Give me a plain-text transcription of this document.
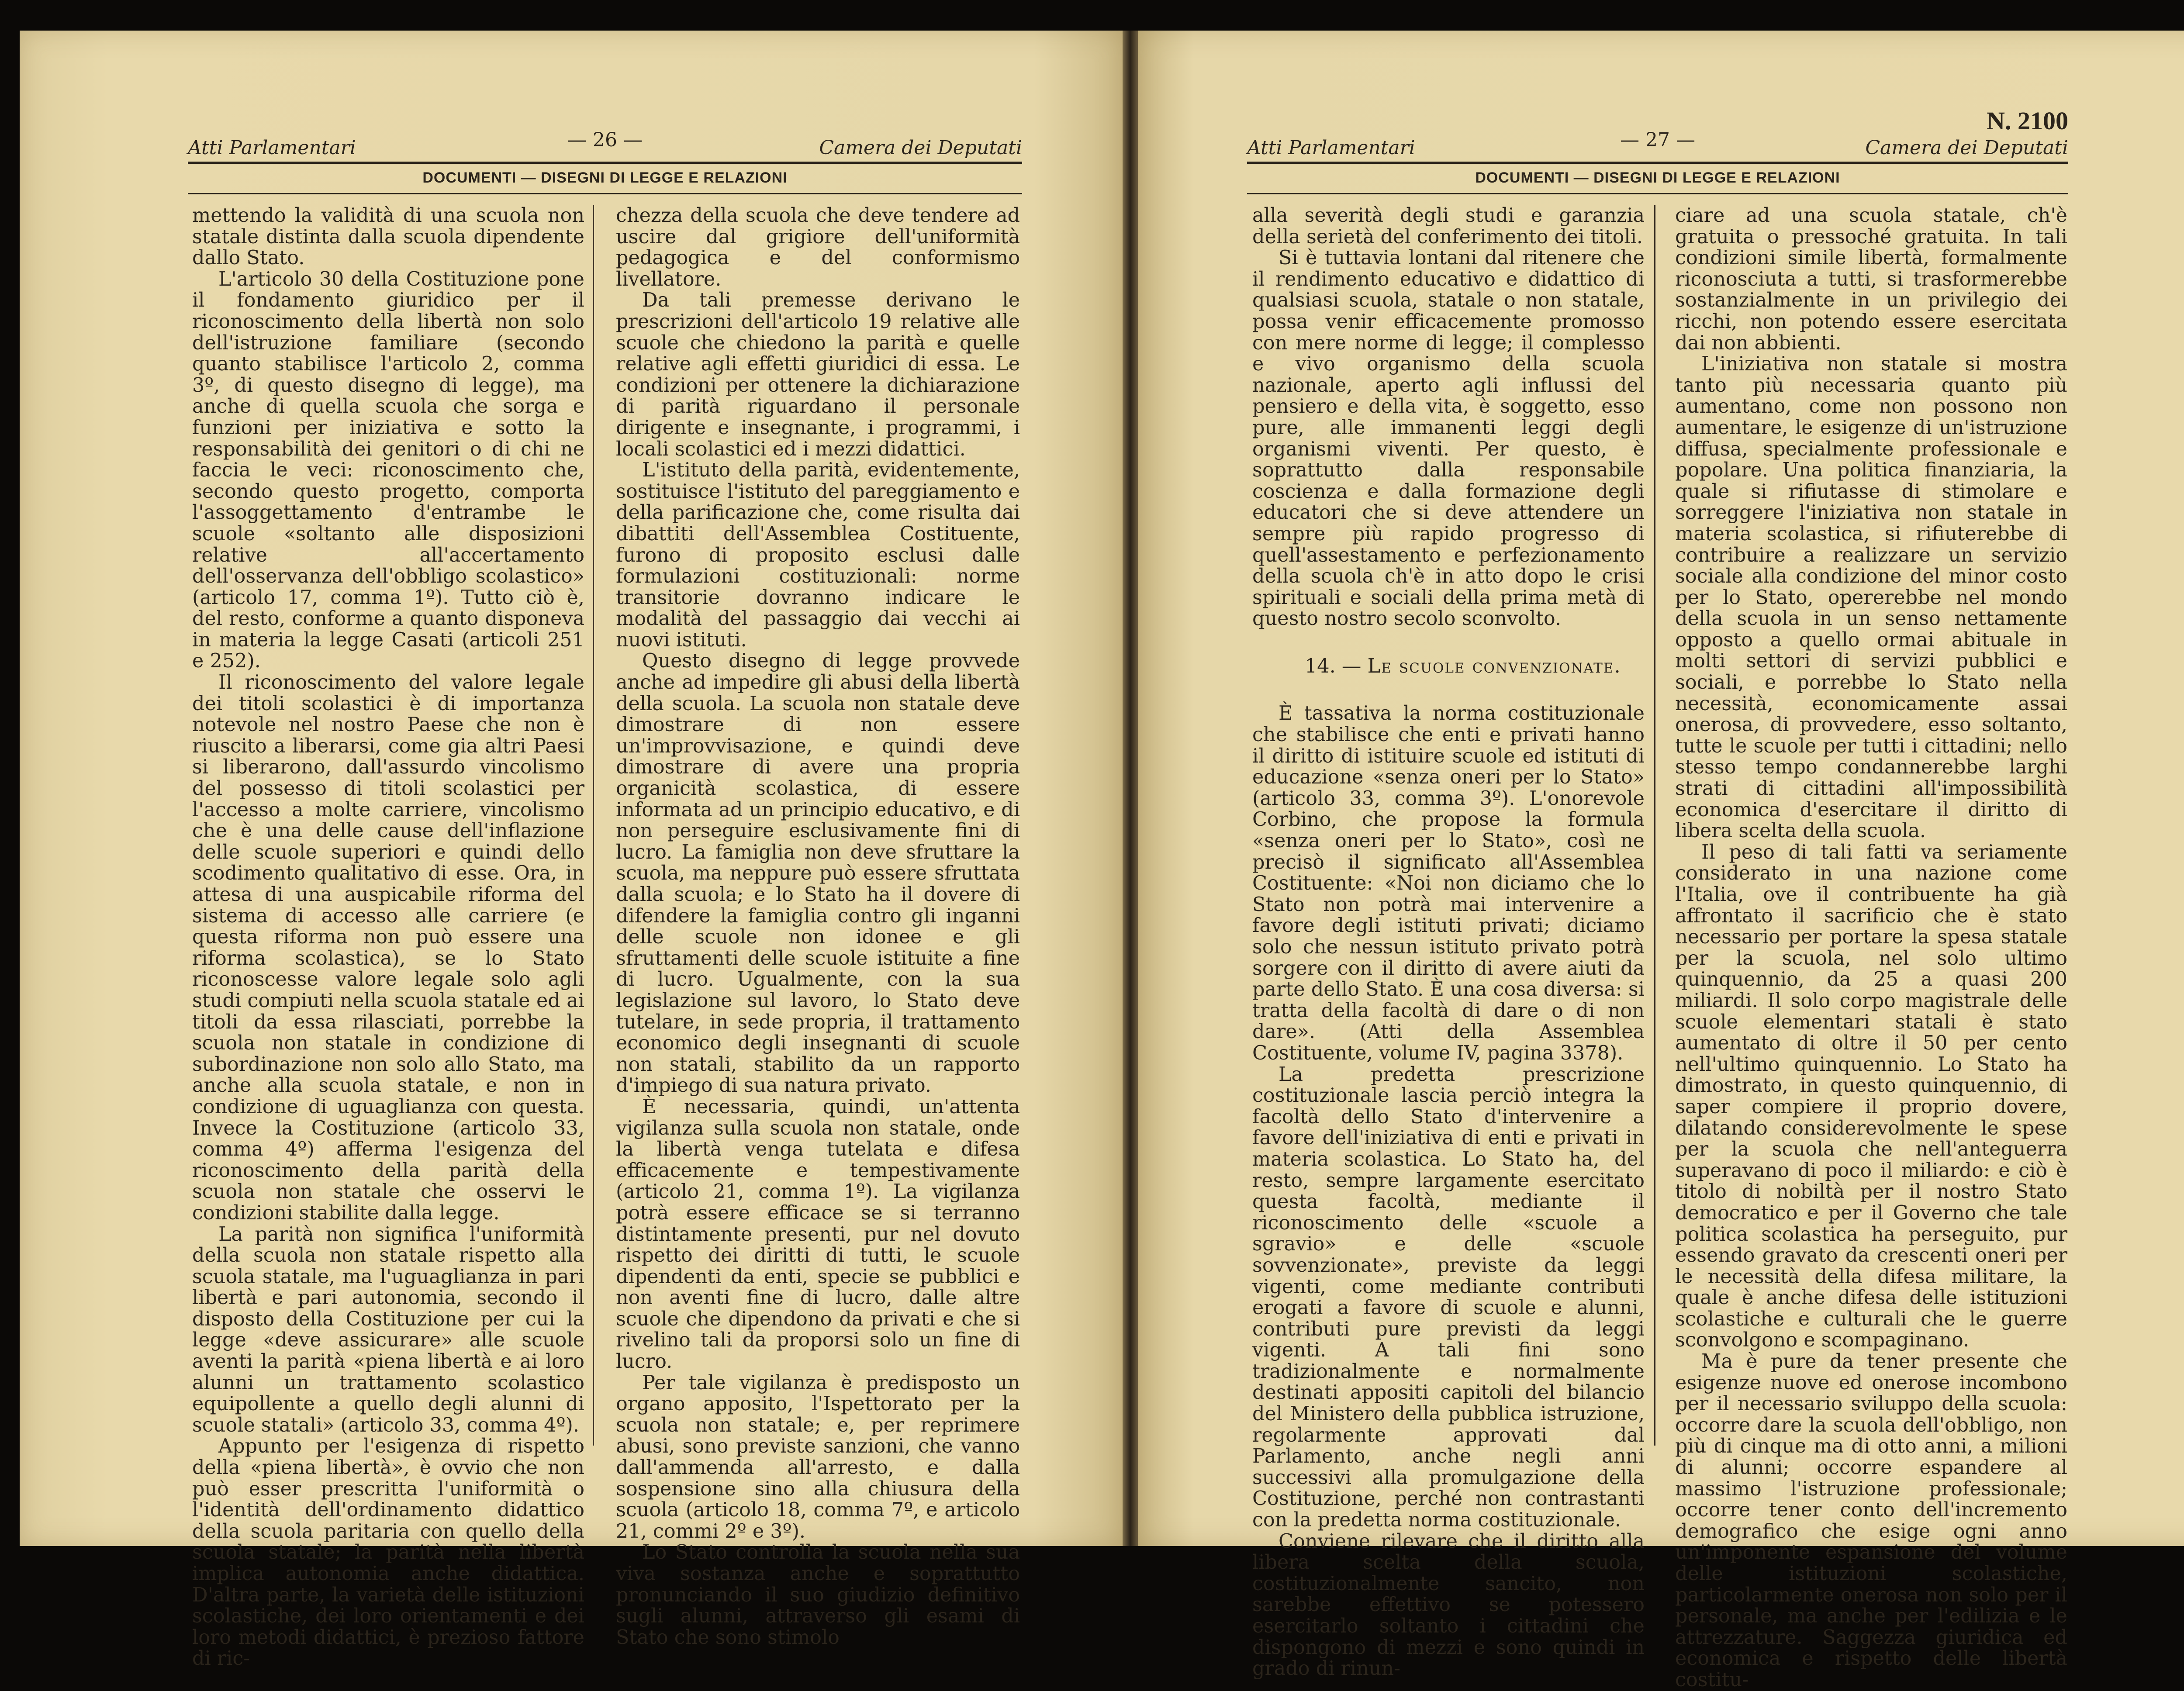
Atti Parlamentari	— 26 —	Camera dei Deputati
DOCUMENTI — DISEGNI DI LEGGE E RELAZIONI

mettendo la validità di una scuola non statale distinta dalla scuola dipendente dallo Stato.

L'articolo 30 della Costituzione pone il fondamento giuridico per il riconoscimento della libertà non solo dell'istruzione familiare (secondo quanto stabilisce l'articolo 2, comma 3º, di questo disegno di legge), ma anche di quella scuola che sorga e funzioni per iniziativa e sotto la responsabilità dei genitori o di chi ne faccia le veci: riconoscimento che, secondo questo progetto, comporta l'assoggettamento d'entrambe le scuole «soltanto alle disposizioni relative all'accertamento dell'osservanza dell'obbligo scolastico» (articolo 17, comma 1º). Tutto ciò è, del resto, conforme a quanto disponeva in materia la legge Casati (articoli 251 e 252).

Il riconoscimento del valore legale dei titoli scolastici è di importanza notevole nel nostro Paese che non è riuscito a liberarsi, come gia altri Paesi si liberarono, dall'assurdo vincolismo del possesso di titoli scolastici per l'accesso a molte carriere, vincolismo che è una delle cause dell'inflazione delle scuole superiori e quindi dello scodimento qualitativo di esse. Ora, in attesa di una auspicabile riforma del sistema di accesso alle carriere (e questa riforma non può essere una riforma scolastica), se lo Stato riconoscesse valore legale solo agli studi compiuti nella scuola statale ed ai titoli da essa rilasciati, porrebbe la scuola non statale in condizione di subordinazione non solo allo Stato, ma anche alla scuola statale, e non in condizione di uguaglianza con questa. Invece la Costituzione (articolo 33, comma 4º) afferma l'esigenza del riconoscimento della parità della scuola non statale che osservi le condizioni stabilite dalla legge.

La parità non significa l'uniformità della scuola non statale rispetto alla scuola statale, ma l'uguaglianza in pari libertà e pari autonomia, secondo il disposto della Costituzione per cui la legge «deve assicurare» alle scuole aventi la parità «piena libertà e ai loro alunni un trattamento scolastico equipollente a quello degli alunni di scuole statali» (articolo 33, comma 4º).

Appunto per l'esigenza di rispetto della «piena libertà», è ovvio che non può esser prescritta l'uniformità o l'identità dell'ordinamento didattico della scuola paritaria con quello della scuola statale; la parità nella libertà implica autonomia anche didattica. D'altra parte, la varietà delle istituzioni scolastiche, dei loro orientamenti e dei loro metodi didattici, è prezioso fattore di ric-

chezza della scuola che deve tendere ad uscire dal grigiore dell'uniformità pedagogica e del conformismo livellatore.

Da tali premesse derivano le prescrizioni dell'articolo 19 relative alle scuole che chiedono la parità e quelle relative agli effetti giuridici di essa. Le condizioni per ottenere la dichiarazione di parità riguardano il personale dirigente e insegnante, i programmi, i locali scolastici ed i mezzi didattici.

L'istituto della parità, evidentemente, sostituisce l'istituto del pareggiamento e della parificazione che, come risulta dai dibattiti dell'Assemblea Costituente, furono di proposito esclusi dalle formulazioni costituzionali: norme transitorie dovranno indicare le modalità del passaggio dai vecchi ai nuovi istituti.

Questo disegno di legge provvede anche ad impedire gli abusi della libertà della scuola. La scuola non statale deve dimostrare di non essere un'improvvisazione, e quindi deve dimostrare di avere una propria organicità scolastica, di essere informata ad un principio educativo, e di non perseguire esclusivamente fini di lucro. La famiglia non deve sfruttare la scuola, ma neppure può essere sfruttata dalla scuola; e lo Stato ha il dovere di difendere la famiglia contro gli inganni delle scuole non idonee e gli sfruttamenti delle scuole istituite a fine di lucro. Ugualmente, con la sua legislazione sul lavoro, lo Stato deve tutelare, in sede propria, il trattamento economico degli insegnanti di scuole non statali, stabilito da un rapporto d'impiego di sua natura privato.

È necessaria, quindi, un'attenta vigilanza sulla scuola non statale, onde la libertà venga tutelata e difesa efficacemente e tempestivamente (articolo 21, comma 1º). La vigilanza potrà essere efficace se si terranno distintamente presenti, pur nel dovuto rispetto dei diritti di tutti, le scuole dipendenti da enti, specie se pubblici e non aventi fine di lucro, dalle altre scuole che dipendono da privati e che si rivelino tali da proporsi solo un fine di lucro.

Per tale vigilanza è predisposto un organo apposito, l'Ispettorato per la scuola non statale; e, per reprimere abusi, sono previste sanzioni, che vanno dall'ammenda all'arresto, e dalla sospensione sino alla chiusura della scuola (articolo 18, comma 7º, e articolo 21, commi 2º e 3º).

Lo Stato controlla la scuola nella sua viva sostanza anche e soprattutto pronunciando il suo giudizio definitivo sugli alunni, attraverso gli esami di Stato che sono stimolo

N. 2100
Atti Parlamentari	— 27 —	Camera dei Deputati
DOCUMENTI — DISEGNI DI LEGGE E RELAZIONI

alla severità degli studi e garanzia della serietà del conferimento dei titoli.

Si è tuttavia lontani dal ritenere che il rendimento educativo e didattico di qualsiasi scuola, statale o non statale, possa venir efficacemente promosso con mere norme di legge; il complesso e vivo organismo della scuola nazionale, aperto agli influssi del pensiero e della vita, è soggetto, esso pure, alle immanenti leggi degli organismi viventi. Per questo, è soprattutto dalla responsabile coscienza e dalla formazione degli educatori che si deve attendere un sempre più rapido progresso di quell'assestamento e perfezionamento della scuola ch'è in atto dopo le crisi spirituali e sociali della prima metà di questo nostro secolo sconvolto.

14. — Le scuole convenzionate.

È tassativa la norma costituzionale che stabilisce che enti e privati hanno il diritto di istituire scuole ed istituti di educazione «senza oneri per lo Stato» (articolo 33, comma 3º). L'onorevole Corbino, che propose la formula «senza oneri per lo Stato», così ne precisò il significato all'Assemblea Costituente: «Noi non diciamo che lo Stato non potrà mai intervenire a favore degli istituti privati; diciamo solo che nessun istituto privato potrà sorgere con il diritto di avere aiuti da parte dello Stato. È una cosa diversa: si tratta della facoltà di dare o di non dare». (Atti della Assemblea Costituente, volume IV, pagina 3378).

La predetta prescrizione costituzionale lascia perciò integra la facoltà dello Stato d'intervenire a favore dell'iniziativa di enti e privati in materia scolastica. Lo Stato ha, del resto, sempre largamente esercitato questa facoltà, mediante il riconoscimento delle «scuole a sgravio» e delle «scuole sovvenzionate», previste da leggi vigenti, come mediante contributi erogati a favore di scuole e alunni, contributi pure previsti da leggi vigenti. A tali fini sono tradizionalmente e normalmente destinati appositi capitoli del bilancio del Ministero della pubblica istruzione, regolarmente approvati dal Parlamento, anche negli anni successivi alla promulgazione della Costituzione, perché non contrastanti con la predetta norma costituzionale.

Conviene rilevare che il diritto alla libera scelta della scuola, costituzionalmente sancito, non sarebbe effettivo se potessero esercitarlo soltanto i cittadini che dispongono di mezzi e sono quindi in grado di rinun-

ciare ad una scuola statale, ch'è gratuita o pressoché gratuita. In tali condizioni simile libertà, formalmente riconosciuta a tutti, si trasformerebbe sostanzialmente in un privilegio dei ricchi, non potendo essere esercitata dai non abbienti.

L'iniziativa non statale si mostra tanto più necessaria quanto più aumentano, come non possono non aumentare, le esigenze di un'istruzione diffusa, specialmente professionale e popolare. Una politica finanziaria, la quale si rifiutasse di stimolare e sorreggere l'iniziativa non statale in materia scolastica, si rifiuterebbe di contribuire a realizzare un servizio sociale alla condizione del minor costo per lo Stato, opererebbe nel mondo della scuola in un senso nettamente opposto a quello ormai abituale in molti settori di servizi pubblici e sociali, e porrebbe lo Stato nella necessità, economicamente assai onerosa, di provvedere, esso soltanto, tutte le scuole per tutti i cittadini; nello stesso tempo condannerebbe larghi strati di cittadini all'impossibilità economica d'esercitare il diritto di libera scelta della scuola.

Il peso di tali fatti va seriamente considerato in una nazione come l'Italia, ove il contribuente ha già affrontato il sacrificio che è stato necessario per portare la spesa statale per la scuola, nel solo ultimo quinquennio, da 25 a quasi 200 miliardi. Il solo corpo magistrale delle scuole elementari statali è stato aumentato di oltre il 50 per cento nell'ultimo quinquennio. Lo Stato ha dimostrato, in questo quinquennio, di saper compiere il proprio dovere, dilatando considerevolmente le spese per la scuola che nell'anteguerra superavano di poco il miliardo: e ciò è titolo di nobiltà per il nostro Stato democratico e per il Governo che tale politica scolastica ha perseguito, pur essendo gravato da crescenti oneri per le necessità della difesa militare, la quale è anche difesa delle istituzioni scolastiche e culturali che le guerre sconvolgono e scompaginano.

Ma è pure da tener presente che esigenze nuove ed onerose incombono per il necessario sviluppo della scuola: occorre dare la scuola dell'obbligo, non più di cinque ma di otto anni, a milioni di alunni; occorre espandere al massimo l'istruzione professionale; occorre tener conto dell'incremento demografico che esige ogni anno un'imponente espansione del volume delle istituzioni scolastiche, particolarmente onerosa non solo per il personale, ma anche per l'edilizia e le attrezzature. Saggezza giuridica ed economica e rispetto delle libertà costitu-
